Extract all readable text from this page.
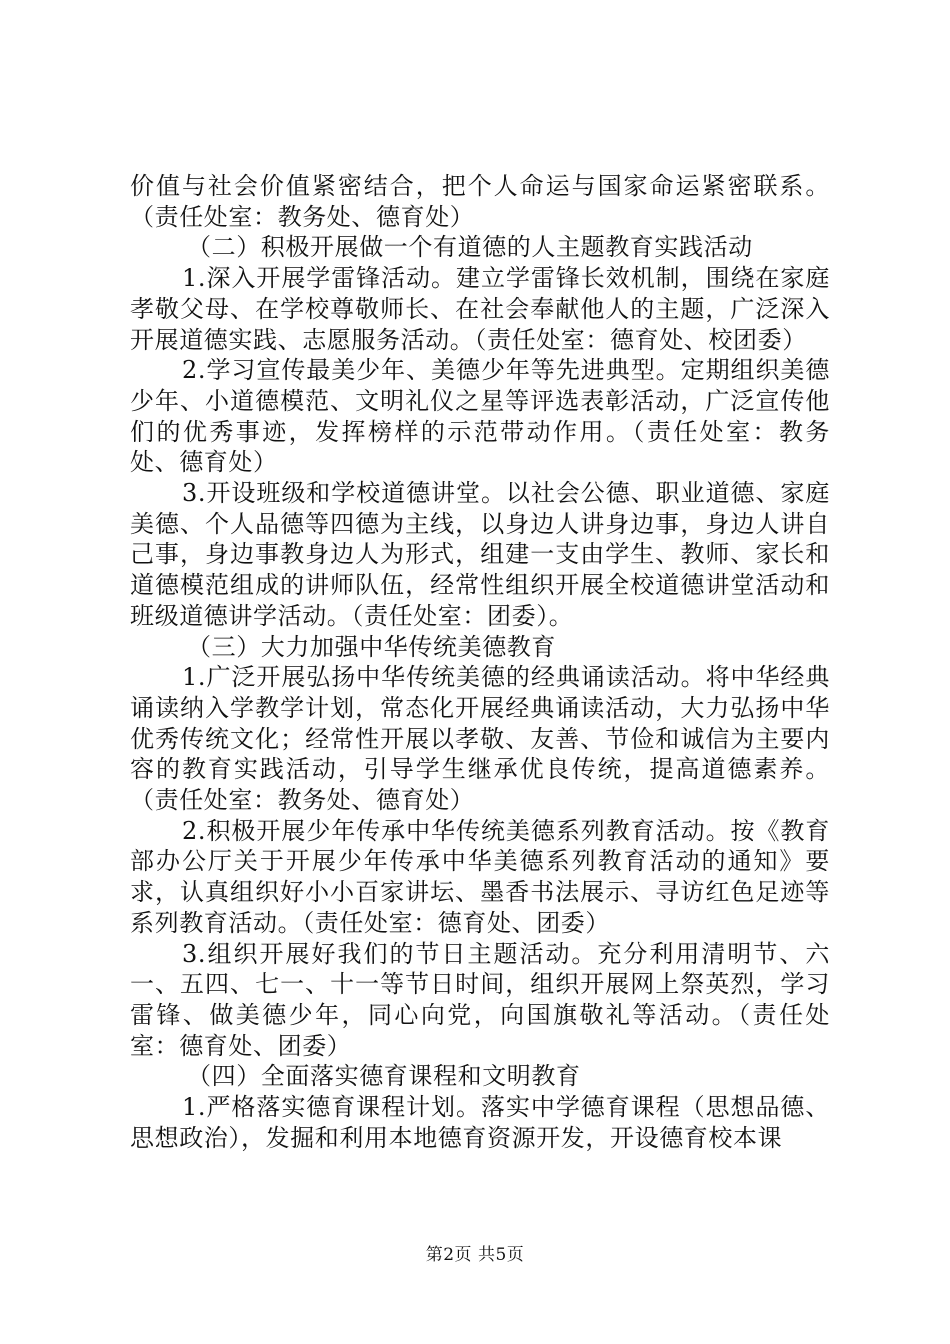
价值与社会价值紧密结合，把个人命运与国家命运紧密联系。（责任处室：教务处、德育处）

（二）积极开展做一个有道德的人主题教育实践活动

1.深入开展学雷锋活动。建立学雷锋长效机制，围绕在家庭孝敬父母、在学校尊敬师长、在社会奉献他人的主题，广泛深入开展道德实践、志愿服务活动。（责任处室：德育处、校团委）

2.学习宣传最美少年、美德少年等先进典型。定期组织美德少年、小道德模范、文明礼仪之星等评选表彰活动，广泛宣传他们的优秀事迹，发挥榜样的示范带动作用。（责任处室：教务处、德育处）

3.开设班级和学校道德讲堂。以社会公德、职业道德、家庭美德、个人品德等四德为主线，以身边人讲身边事，身边人讲自己事，身边事教身边人为形式，组建一支由学生、教师、家长和道德模范组成的讲师队伍，经常性组织开展全校道德讲堂活动和班级道德讲学活动。（责任处室：团委）。

（三）大力加强中华传统美德教育

1.广泛开展弘扬中华传统美德的经典诵读活动。将中华经典诵读纳入学教学计划，常态化开展经典诵读活动，大力弘扬中华优秀传统文化；经常性开展以孝敬、友善、节俭和诚信为主要内容的教育实践活动，引导学生继承优良传统，提高道德素养。（责任处室：教务处、德育处）

2.积极开展少年传承中华传统美德系列教育活动。按《教育部办公厅关于开展少年传承中华美德系列教育活动的通知》要求，认真组织好小小百家讲坛、墨香书法展示、寻访红色足迹等系列教育活动。（责任处室：德育处、团委）

3.组织开展好我们的节日主题活动。充分利用清明节、六一、五四、七一、十一等节日时间，组织开展网上祭英烈，学习雷锋、做美德少年，同心向党，向国旗敬礼等活动。（责任处室：德育处、团委）

（四）全面落实德育课程和文明教育

1.严格落实德育课程计划。落实中学德育课程（思想品德、思想政治），发掘和利用本地德育资源开发，开设德育校本课

第2页 共5页
